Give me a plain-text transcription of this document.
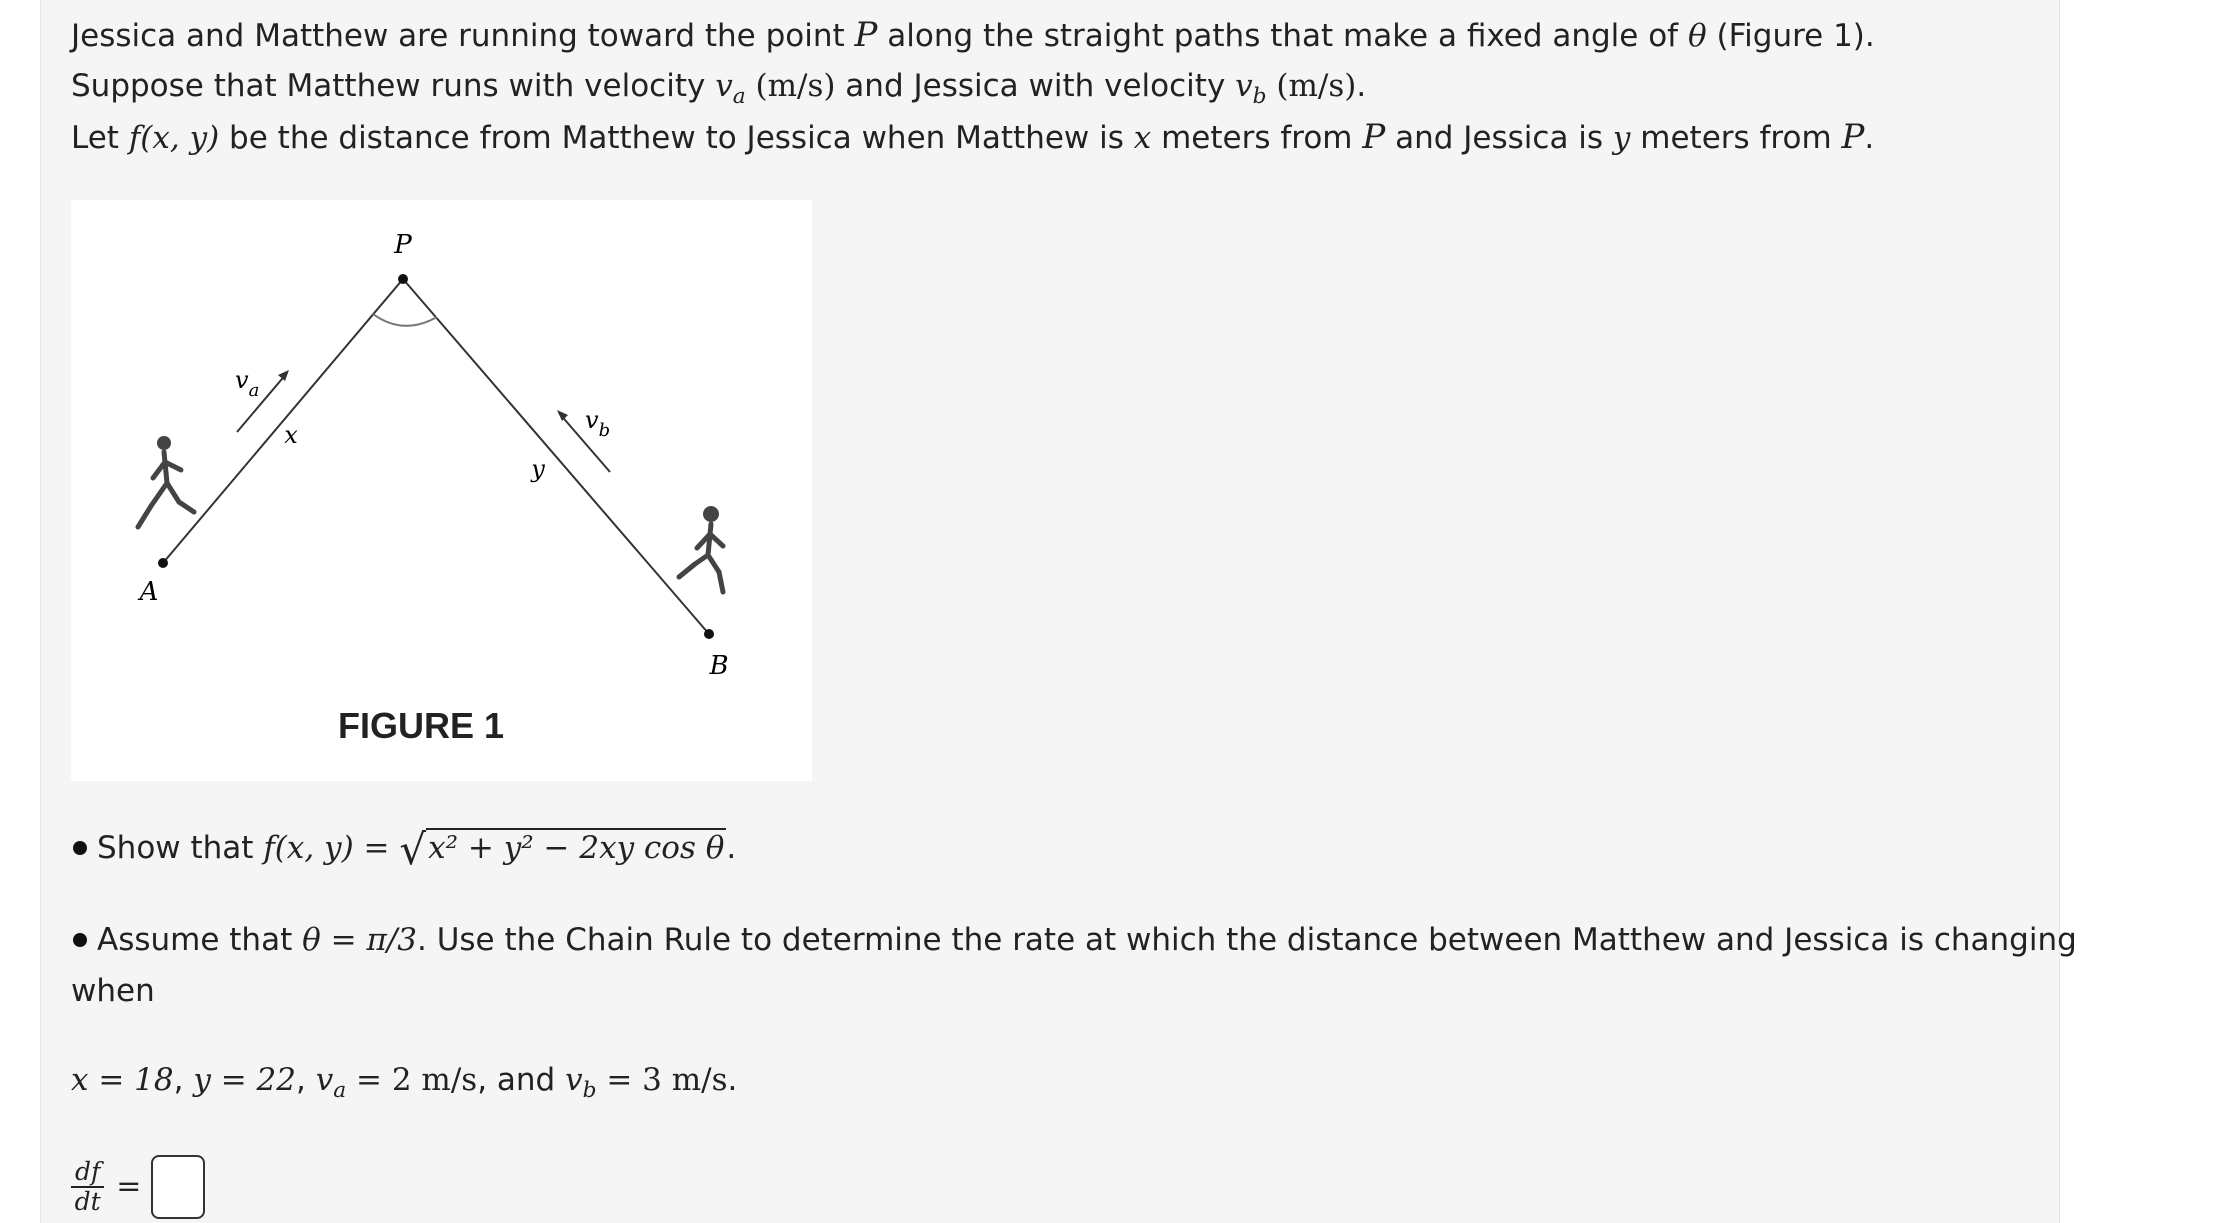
Jessica and Matthew are running toward the point P along the straight paths that make a fixed angle of θ (Figure 1).
Suppose that Matthew runs with velocity $v_a$ (m/s) and Jessica with velocity $v_b$ (m/s).
Let f(x, y) be the distance from Matthew to Jessica when Matthew is x meters from P and Jessica is y meters from P.
P
A
B
x
y
$v_a$
$v_b$
FIGURE 1
Show that f(x, y) = √x² + y² − 2xy cos θ.
Assume that θ = π/3. Use the Chain Rule to determine the rate at which the distance between Matthew and Jessica is changing
when
x = 18, y = 22, $v_a = 2$ m/s, and $v_b = 3$ m/s.
$\frac{df}{dt}$ =
